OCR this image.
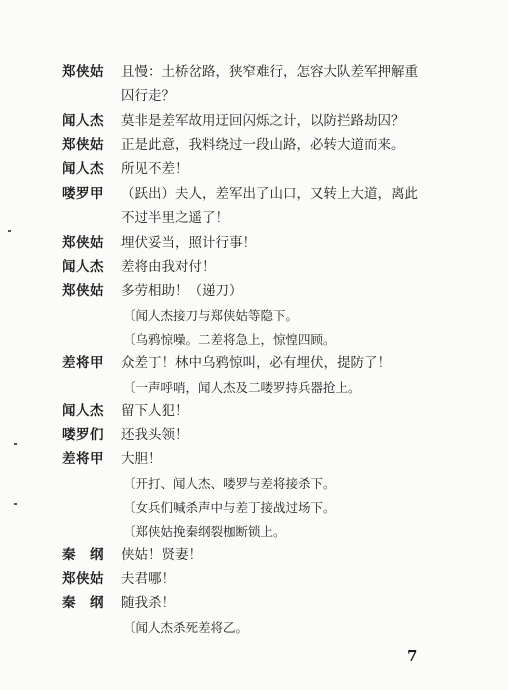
郑侠姑	且慢：土桥岔路，狭窄难行，怎容大队差军押解重
囚行走？
闻人杰	莫非是差军故用迂回闪烁之计，以防拦路劫囚？
郑侠姑	正是此意，我料绕过一段山路，必转大道而来。
闻人杰	所见不差！
喽罗甲	（跃出）夫人，差军出了山口，又转上大道，离此
不过半里之遥了！
郑侠姑	埋伏妥当，照计行事！
闻人杰	差将由我对付！
郑侠姑	多劳相助！（递刀）
〔闻人杰接刀与郑侠姑等隐下。
〔乌鸦惊噪。二差将急上，惊惶四顾。
差将甲	众差丁！林中乌鸦惊叫，必有埋伏，提防了！
〔一声呼哨，闻人杰及二喽罗持兵器抢上。
闻人杰	留下人犯！
喽罗们	还我头领！
差将甲	大胆！
〔开打、闻人杰、喽罗与差将接杀下。
〔女兵们喊杀声中与差丁接战过场下。
〔郑侠姑挽秦纲裂枷断锁上。
秦　纲	侠姑！贤妻！
郑侠姑	夫君哪！
秦　纲	随我杀！
〔闻人杰杀死差将乙。
7
